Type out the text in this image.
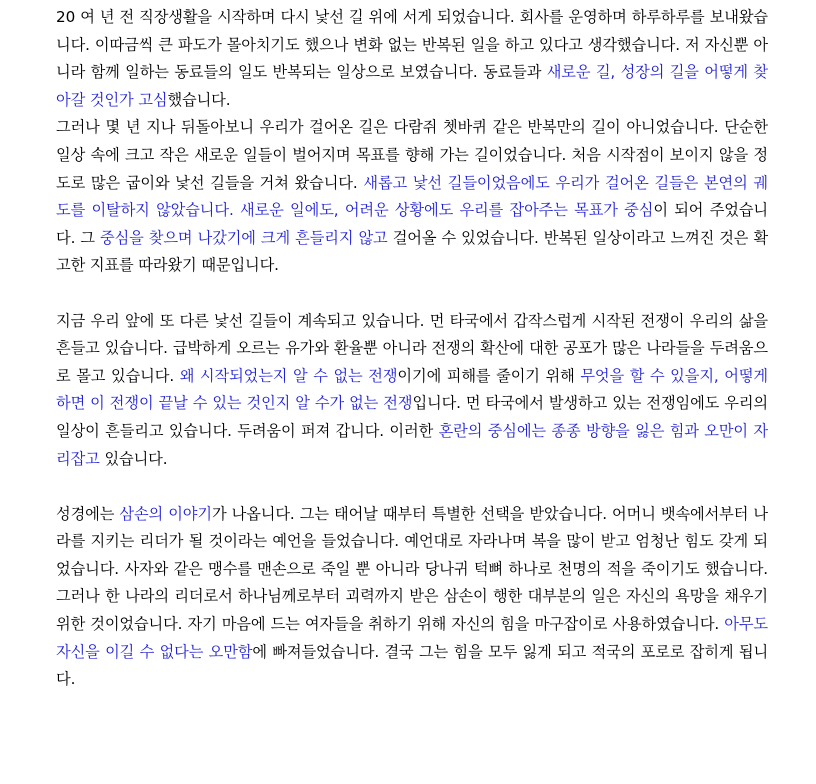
20 여 년 전 직장생활을 시작하며 다시 낯선 길 위에 서게 되었습니다. 회사를 운영하며 하루하루를 보내왔습니다. 이따금씩 큰 파도가 몰아치기도 했으나 변화 없는 반복된 일을 하고 있다고 생각했습니다. 저 자신뿐 아니라 함께 일하는 동료들의 일도 반복되는 일상으로 보였습니다. 동료들과 새로운 길, 성장의 길을 어떻게 찾아갈 것인가 고심했습니다.

그러나 몇 년 지나 뒤돌아보니 우리가 걸어온 길은 다람쥐 쳇바퀴 같은 반복만의 길이 아니었습니다. 단순한 일상 속에 크고 작은 새로운 일들이 벌어지며 목표를 향해 가는 길이었습니다. 처음 시작점이 보이지 않을 정도로 많은 굽이와 낯선 길들을 거쳐 왔습니다. 새롭고 낯선 길들이었음에도 우리가 걸어온 길들은 본연의 궤도를 이탈하지 않았습니다. 새로운 일에도, 어려운 상황에도 우리를 잡아주는 목표가 중심이 되어 주었습니다. 그 중심을 찾으며 나갔기에 크게 흔들리지 않고 걸어올 수 있었습니다. 반복된 일상이라고 느껴진 것은 확고한 지표를 따라왔기 때문입니다.

지금 우리 앞에 또 다른 낯선 길들이 계속되고 있습니다. 먼 타국에서 갑작스럽게 시작된 전쟁이 우리의 삶을 흔들고 있습니다. 급박하게 오르는 유가와 환율뿐 아니라 전쟁의 확산에 대한 공포가 많은 나라들을 두려움으로 몰고 있습니다. 왜 시작되었는지 알 수 없는 전쟁이기에 피해를 줄이기 위해 무엇을 할 수 있을지, 어떻게 하면 이 전쟁이 끝날 수 있는 것인지 알 수가 없는 전쟁입니다. 먼 타국에서 발생하고 있는 전쟁임에도 우리의 일상이 흔들리고 있습니다. 두려움이 퍼져 갑니다. 이러한 혼란의 중심에는 종종 방향을 잃은 힘과 오만이 자리잡고 있습니다.

성경에는 삼손의 이야기가 나옵니다. 그는 태어날 때부터 특별한 선택을 받았습니다. 어머니 뱃속에서부터 나라를 지키는 리더가 될 것이라는 예언을 들었습니다. 예언대로 자라나며 복을 많이 받고 엄청난 힘도 갖게 되었습니다. 사자와 같은 맹수를 맨손으로 죽일 뿐 아니라 당나귀 턱뼈 하나로 천명의 적을 죽이기도 했습니다. 그러나 한 나라의 리더로서 하나님께로부터 괴력까지 받은 삼손이 행한 대부분의 일은 자신의 욕망을 채우기 위한 것이었습니다. 자기 마음에 드는 여자들을 취하기 위해 자신의 힘을 마구잡이로 사용하였습니다. 아무도 자신을 이길 수 없다는 오만함에 빠져들었습니다. 결국 그는 힘을 모두 잃게 되고 적국의 포로로 잡히게 됩니다.
